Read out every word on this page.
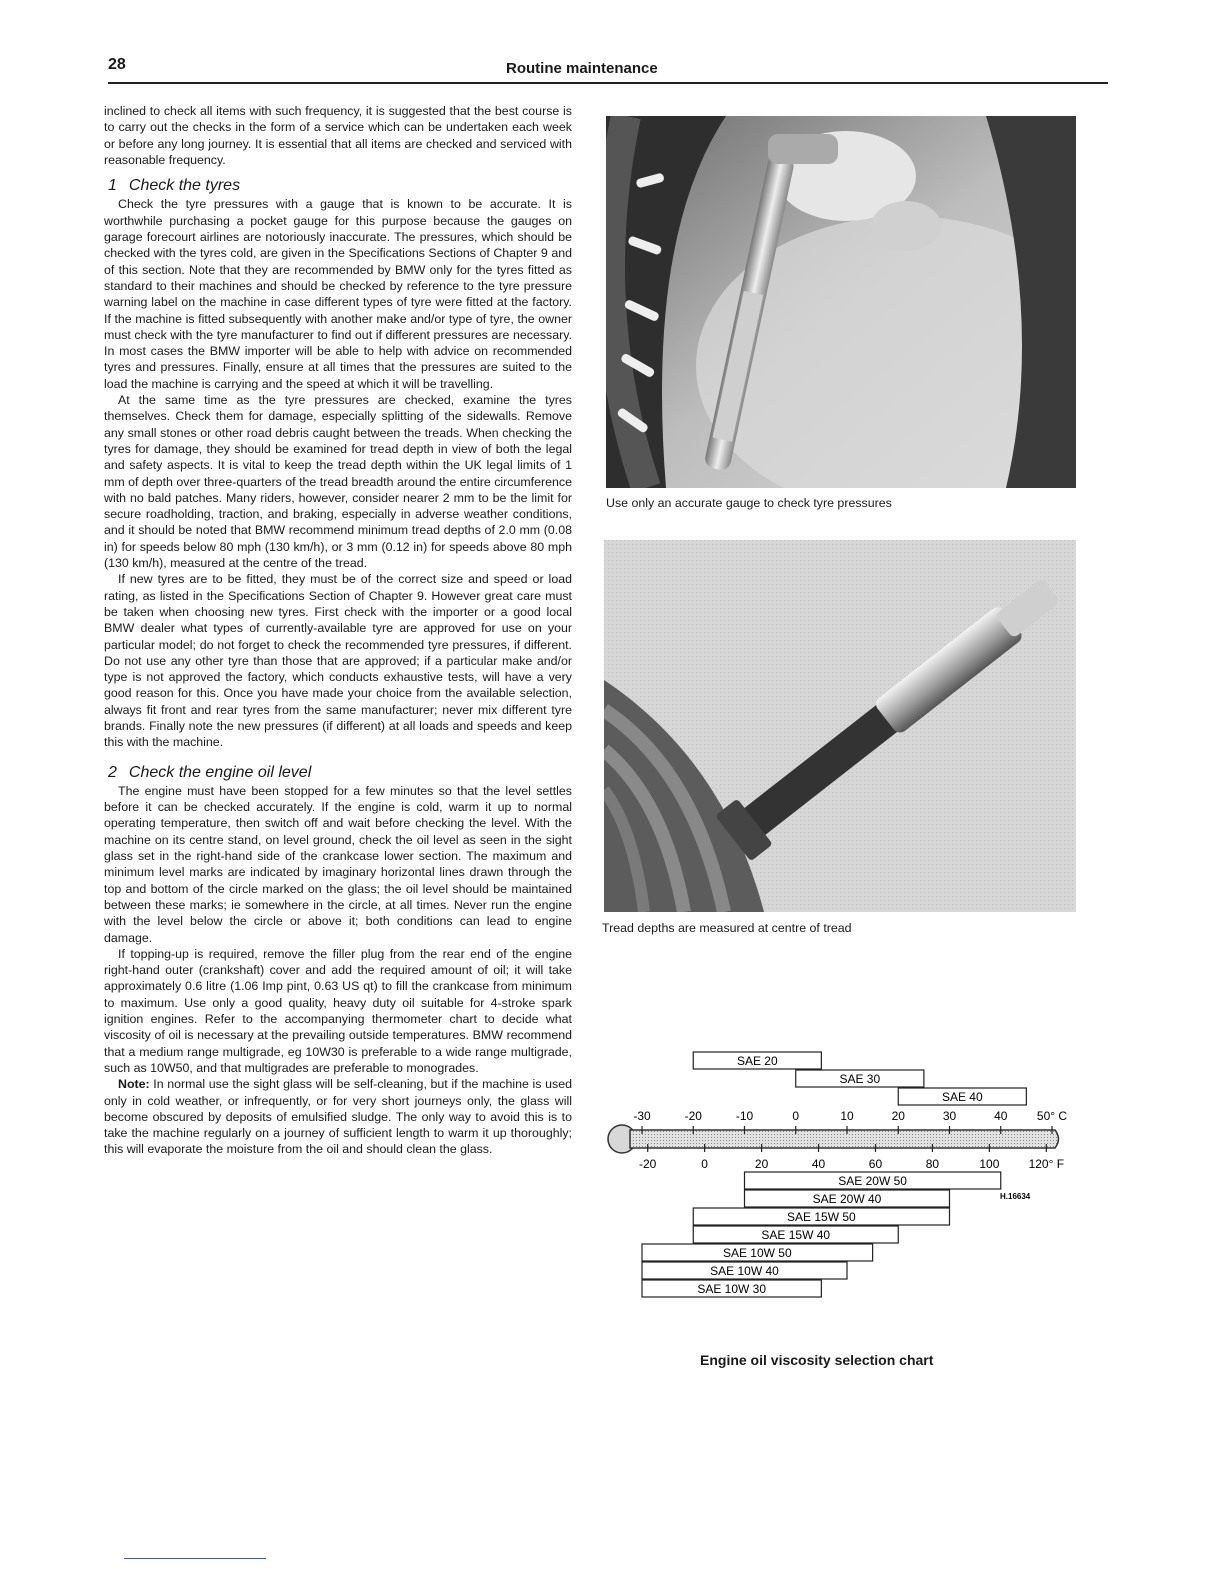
28	Routine maintenance

inclined to check all items with such frequency, it is suggested that the best course is to carry out the checks in the form of a service which can be undertaken each week or before any long journey. It is essential that all items are checked and serviced with reasonable frequency.

1 Check the tyres

Check the tyre pressures with a gauge that is known to be accurate. It is worthwhile purchasing a pocket gauge for this purpose because the gauges on garage forecourt airlines are notoriously inaccurate. The pressures, which should be checked with the tyres cold, are given in the Specifications Sections of Chapter 9 and of this section. Note that they are recommended by BMW only for the tyres fitted as standard to their machines and should be checked by reference to the tyre pressure warning label on the machine in case different types of tyre were fitted at the factory. If the machine is fitted subsequently with another make and/or type of tyre, the owner must check with the tyre manufacturer to find out if different pressures are necessary. In most cases the BMW importer will be able to help with advice on recommended tyres and pressures. Finally, ensure at all times that the pressures are suited to the load the machine is carrying and the speed at which it will be travelling.

At the same time as the tyre pressures are checked, examine the tyres themselves. Check them for damage, especially splitting of the sidewalls. Remove any small stones or other road debris caught between the treads. When checking the tyres for damage, they should be examined for tread depth in view of both the legal and safety aspects. It is vital to keep the tread depth within the UK legal limits of 1 mm of depth over three-quarters of the tread breadth around the entire circumference with no bald patches. Many riders, however, consider nearer 2 mm to be the limit for secure roadholding, traction, and braking, especially in adverse weather conditions, and it should be noted that BMW recommend minimum tread depths of 2.0 mm (0.08 in) for speeds below 80 mph (130 km/h), or 3 mm (0.12 in) for speeds above 80 mph (130 km/h), measured at the centre of the tread.

If new tyres are to be fitted, they must be of the correct size and speed or load rating, as listed in the Specifications Section of Chapter 9. However great care must be taken when choosing new tyres. First check with the importer or a good local BMW dealer what types of currently-available tyre are approved for use on your particular model; do not forget to check the recommended tyre pressures, if different. Do not use any other tyre than those that are approved; if a particular make and/or type is not approved the factory, which conducts exhaustive tests, will have a very good reason for this. Once you have made your choice from the available selection, always fit front and rear tyres from the same manufacturer; never mix different tyre brands. Finally note the new pressures (if different) at all loads and speeds and keep this with the machine.

2 Check the engine oil level

The engine must have been stopped for a few minutes so that the level settles before it can be checked accurately. If the engine is cold, warm it up to normal operating temperature, then switch off and wait before checking the level. With the machine on its centre stand, on level ground, check the oil level as seen in the sight glass set in the right-hand side of the crankcase lower section. The maximum and minimum level marks are indicated by imaginary horizontal lines drawn through the top and bottom of the circle marked on the glass; the oil level should be maintained between these marks; ie somewhere in the circle, at all times. Never run the engine with the level below the circle or above it; both conditions can lead to engine damage.

If topping-up is required, remove the filler plug from the rear end of the engine right-hand outer (crankshaft) cover and add the required amount of oil; it will take approximately 0.6 litre (1.06 Imp pint, 0.63 US qt) to fill the crankcase from minimum to maximum. Use only a good quality, heavy duty oil suitable for 4-stroke spark ignition engines. Refer to the accompanying thermometer chart to decide what viscosity of oil is necessary at the prevailing outside temperatures. BMW recommend that a medium range multigrade, eg 10W30 is preferable to a wide range multigrade, such as 10W50, and that multigrades are preferable to monogrades.

Note: In normal use the sight glass will be self-cleaning, but if the machine is used only in cold weather, or infrequently, or for very short journeys only, the glass will become obscured by deposits of emulsified sludge. The only way to avoid this is to take the machine regularly on a journey of sufficient length to warm it up thoroughly; this will evaporate the moisture from the oil and should clean the glass.

Use only an accurate gauge to check tyre pressures
Tread depths are measured at centre of tread
SAE 20
SAE 30
SAE 40
-30	-20	-10	0	10	20	30	40 50° C
-20	0	20	40	60	80	100 120° F
SAE 20W 50
SAE 20W 40
SAE 15W 50
SAE 15W 40
SAE 10W 50
SAE 10W 40
SAE 10W 30
H.16634
Engine oil viscosity selection chart
